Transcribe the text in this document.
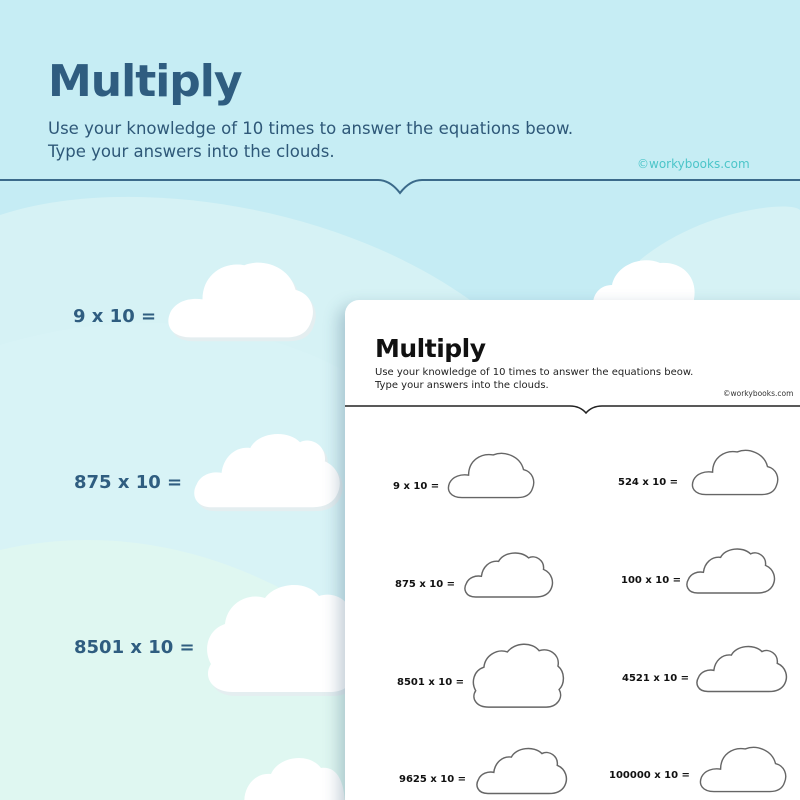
Multiply

Use your knowledge of 10 times to answer the equations beow. Type your answers into the clouds.

©workybooks.com
9 x 10 =
875 x 10 =
8501 x 10 =
Multiply

Use your knowledge of 10 times to answer the equations beow. Type your answers into the clouds.

©workybooks.com
9 x 10 =
875 x 10 =
8501 x 10 =
9625 x 10 =
524 x 10 =
100 x 10 =
4521 x 10 =
100000 x 10 =
